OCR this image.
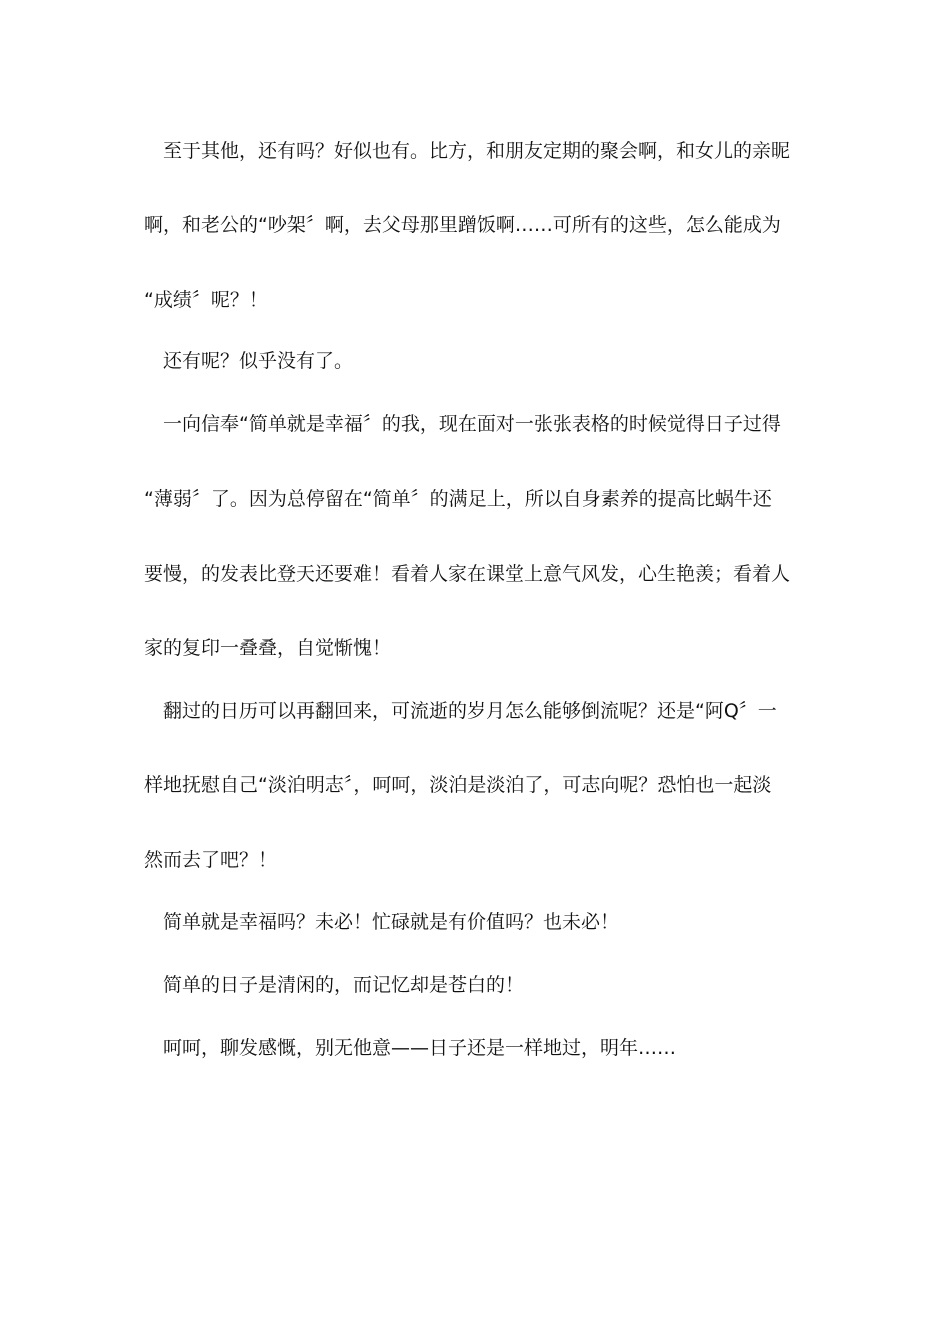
至于其他，还有吗？好似也有。比方，和朋友定期的聚会啊，和女儿的亲昵
啊，和老公的“吵架〞啊，去父母那里蹭饭啊……可所有的这些，怎么能成为
“成绩〞呢？！
还有呢？似乎没有了。
一向信奉“简单就是幸福〞的我，现在面对一张张表格的时候觉得日子过得
“薄弱〞了。因为总停留在“简单〞的满足上，所以自身素养的提高比蜗牛还
要慢，的发表比登天还要难！看着人家在课堂上意气风发，心生艳羡；看着人
家的复印一叠叠，自觉惭愧！
翻过的日历可以再翻回来，可流逝的岁月怎么能够倒流呢？还是“阿Q〞一
样地抚慰自己“淡泊明志〞，呵呵，淡泊是淡泊了，可志向呢？恐怕也一起淡
然而去了吧？！
简单就是幸福吗？未必！忙碌就是有价值吗？也未必！
简单的日子是清闲的，而记忆却是苍白的！
呵呵，聊发感慨，别无他意——日子还是一样地过，明年……
